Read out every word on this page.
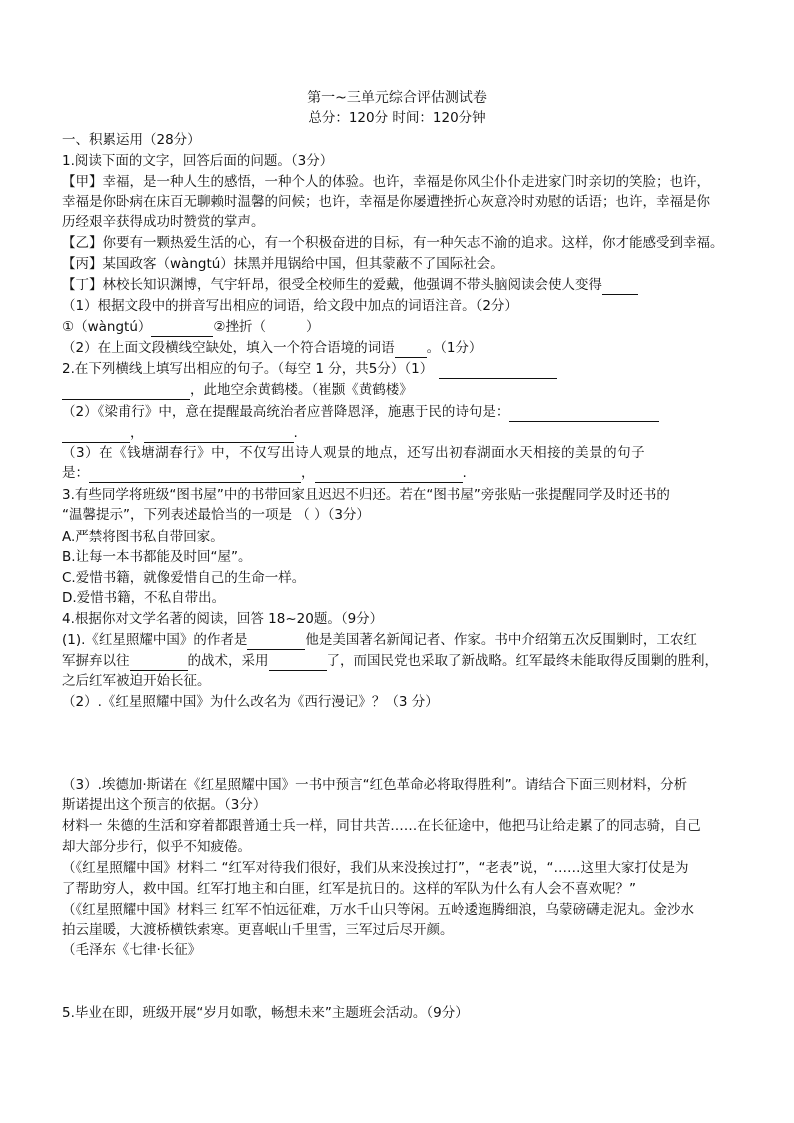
第一~三单元综合评估测试卷
总分：120分 时间：120分钟
一、积累运用（28分）
1.阅读下面的文字，回答后面的问题。（3分）
【甲】幸福，是一种人生的感悟，一种个人的体验。也许，幸福是你风尘仆仆走进家门时亲切的笑脸；也许，
幸福是你卧病在床百无聊赖时温馨的问候；也许，幸福是你屡遭挫折心灰意冷时劝慰的话语；也许，幸福是你
历经艰辛获得成功时赞赏的掌声。
【乙】你要有一颗热爱生活的心，有一个积极奋进的目标，有一种矢志不渝的追求。这样，你才能感受到幸福。
【丙】某国政客（wàngtú）抹黑并甩锅给中国，但其蒙蔽不了国际社会。
【丁】林校长知识渊博，气宇轩昂，很受全校师生的爱戴，他强调不带头脑阅读会使人变得
（1）根据文段中的拼音写出相应的词语，给文段中加点的词语注音。（2分）
①（wàngtú）	②挫折（	）
（2）在上面文段横线空缺处，填入一个符合语境的词语 。（1分）
2.在下列横线上填写出相应的句子。（每空 1 分，共5分）（1）
，此地空余黄鹤楼。（崔颢《黄鹤楼》
（2）《梁甫行》中，意在提醒最高统治者应普降恩泽，施惠于民的诗句是：
，	.
（3）在《钱塘湖春行》中，不仅写出诗人观景的地点，还写出初春湖面水天相接的美景的句子
是：	，	.
3.有些同学将班级“图书屋”中的书带回家且迟迟不归还。若在“图书屋”旁张贴一张提醒同学及时还书的
“温馨提示”，下列表述最恰当的一项是 （ ）（3分）
A.严禁将图书私自带回家。
B.让每一本书都能及时回“屋”。
C.爱惜书籍，就像爱惜自己的生命一样。
D.爱惜书籍，不私自带出。
4.根据你对文学名著的阅读，回答 18~20题。（9分）
(1).《红星照耀中国》的作者是	他是美国著名新闻记者、作家。书中介绍第五次反围剿时，工农红
军摒弃以往	的战术，采用	了，而国民党也采取了新战略。红军最终未能取得反围剿的胜利，
之后红军被迫开始长征。
（2）.《红星照耀中国》为什么改名为《西行漫记》？（3 分）
（3）.埃德加·斯诺在《红星照耀中国》一书中预言“红色革命必将取得胜利”。请结合下面三则材料，分析
斯诺提出这个预言的依据。（3分）
材料一 朱德的生活和穿着都跟普通士兵一样，同甘共苦……在长征途中，他把马让给走累了的同志骑，自己
却大部分步行，似乎不知疲倦。
（《红星照耀中国》材料二 “红军对待我们很好，我们从来没挨过打”，“老表”说，“……这里大家打仗是为
了帮助穷人，救中国。红军打地主和白匪，红军是抗日的。这样的军队为什么有人会不喜欢呢？”
（《红星照耀中国》材料三 红军不怕远征难，万水千山只等闲。五岭逶迤腾细浪，乌蒙磅礴走泥丸。金沙水
拍云崖暖，大渡桥横铁索寒。更喜岷山千里雪，三军过后尽开颜。
（毛泽东《七律·长征》
5.毕业在即，班级开展“岁月如歌，畅想未来”主题班会活动。（9分）
